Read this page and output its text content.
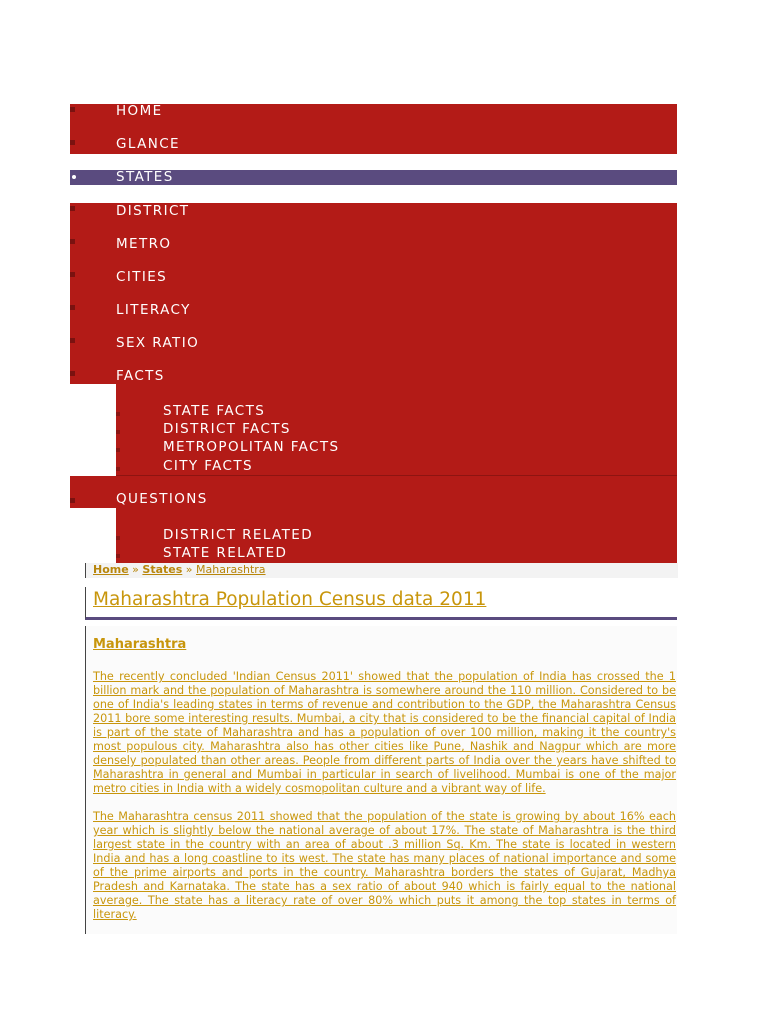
HOME
GLANCE
STATES
DISTRICT
METRO
CITIES
LITERACY
SEX RATIO
FACTS
STATE FACTS
DISTRICT FACTS
METROPOLITAN FACTS
CITY FACTS
QUESTIONS
DISTRICT RELATED
STATE RELATED
Home » States » Maharashtra
Maharashtra Population Census data 2011
Maharashtra

The recently concluded 'Indian Census 2011' showed that the population of India has crossed the 1 billion mark and the population of Maharashtra is somewhere around the 110 million. Considered to be one of India's leading states in terms of revenue and contribution to the GDP, the Maharashtra Census 2011 bore some interesting results. Mumbai, a city that is considered to be the financial capital of India is part of the state of Maharashtra and has a population of over 100 million, making it the country's most populous city. Maharashtra also has other cities like Pune, Nashik and Nagpur which are more densely populated than other areas. People from different parts of India over the years have shifted to Maharashtra in general and Mumbai in particular in search of livelihood. Mumbai is one of the major metro cities in India with a widely cosmopolitan culture and a vibrant way of life.

The Maharashtra census 2011 showed that the population of the state is growing by about 16% each year which is slightly below the national average of about 17%. The state of Maharashtra is the third largest state in the country with an area of about .3 million Sq. Km. The state is located in western India and has a long coastline to its west. The state has many places of national importance and some of the prime airports and ports in the country. Maharashtra borders the states of Gujarat, Madhya Pradesh and Karnataka. The state has a sex ratio of about 940 which is fairly equal to the national average. The state has a literacy rate of over 80% which puts it among the top states in terms of literacy.
